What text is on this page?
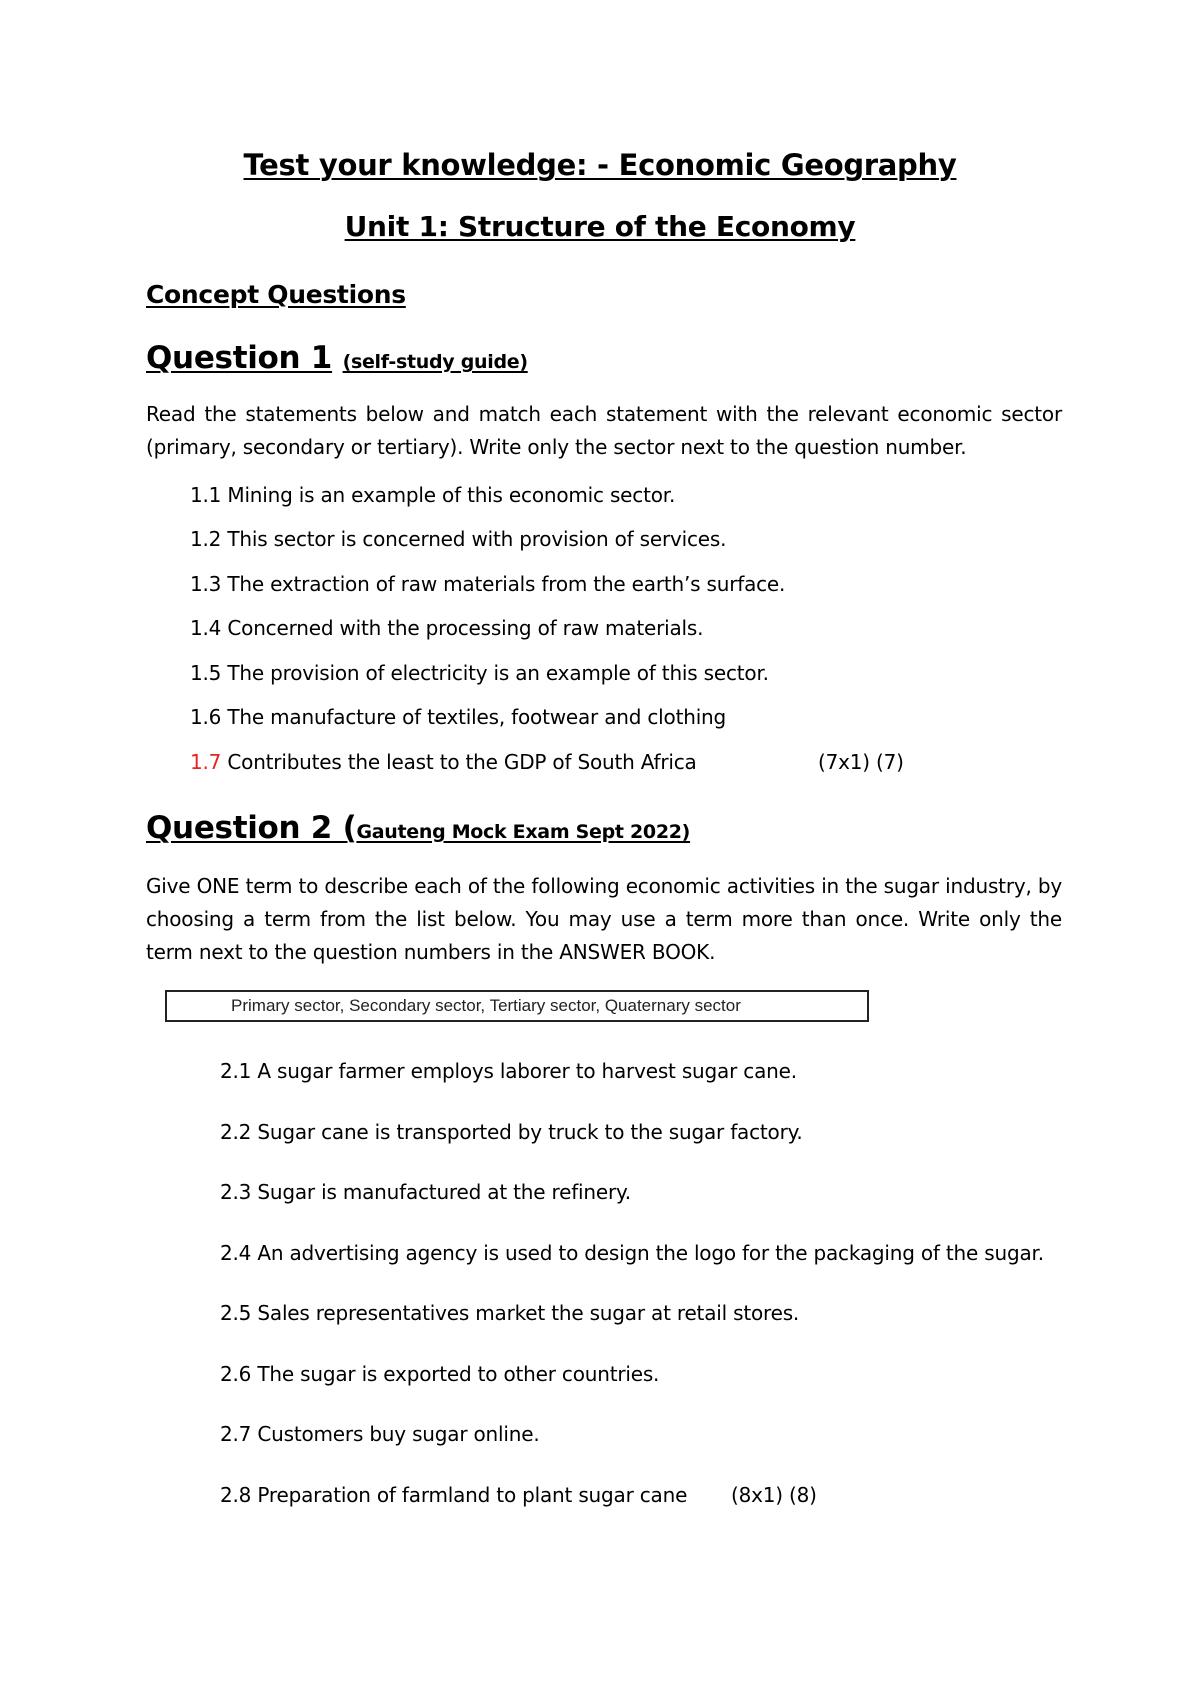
Test your knowledge: - Economic Geography
Unit 1: Structure of the Economy
Concept Questions
Question 1 (self-study guide)
Read the statements below and match each statement with the relevant economic sector (primary, secondary or tertiary). Write only the sector next to the question number.
1.1 Mining is an example of this economic sector.
1.2 This sector is concerned with provision of services.
1.3 The extraction of raw materials from the earth’s surface.
1.4 Concerned with the processing of raw materials.
1.5 The provision of electricity is an example of this sector.
1.6 The manufacture of textiles, footwear and clothing
1.7 Contributes the least to the GDP of South Africa	(7x1) (7)
Question 2 (Gauteng Mock Exam Sept 2022)
Give ONE term to describe each of the following economic activities in the sugar industry, by choosing a term from the list below. You may use a term more than once. Write only the term next to the question numbers in the ANSWER BOOK.
Primary sector, Secondary sector, Tertiary sector, Quaternary sector
2.1 A sugar farmer employs laborer to harvest sugar cane.
2.2 Sugar cane is transported by truck to the sugar factory.
2.3 Sugar is manufactured at the refinery.
2.4 An advertising agency is used to design the logo for the packaging of the sugar.
2.5 Sales representatives market the sugar at retail stores.
2.6 The sugar is exported to other countries.
2.7 Customers buy sugar online.
2.8 Preparation of farmland to plant sugar cane (8x1) (8)
